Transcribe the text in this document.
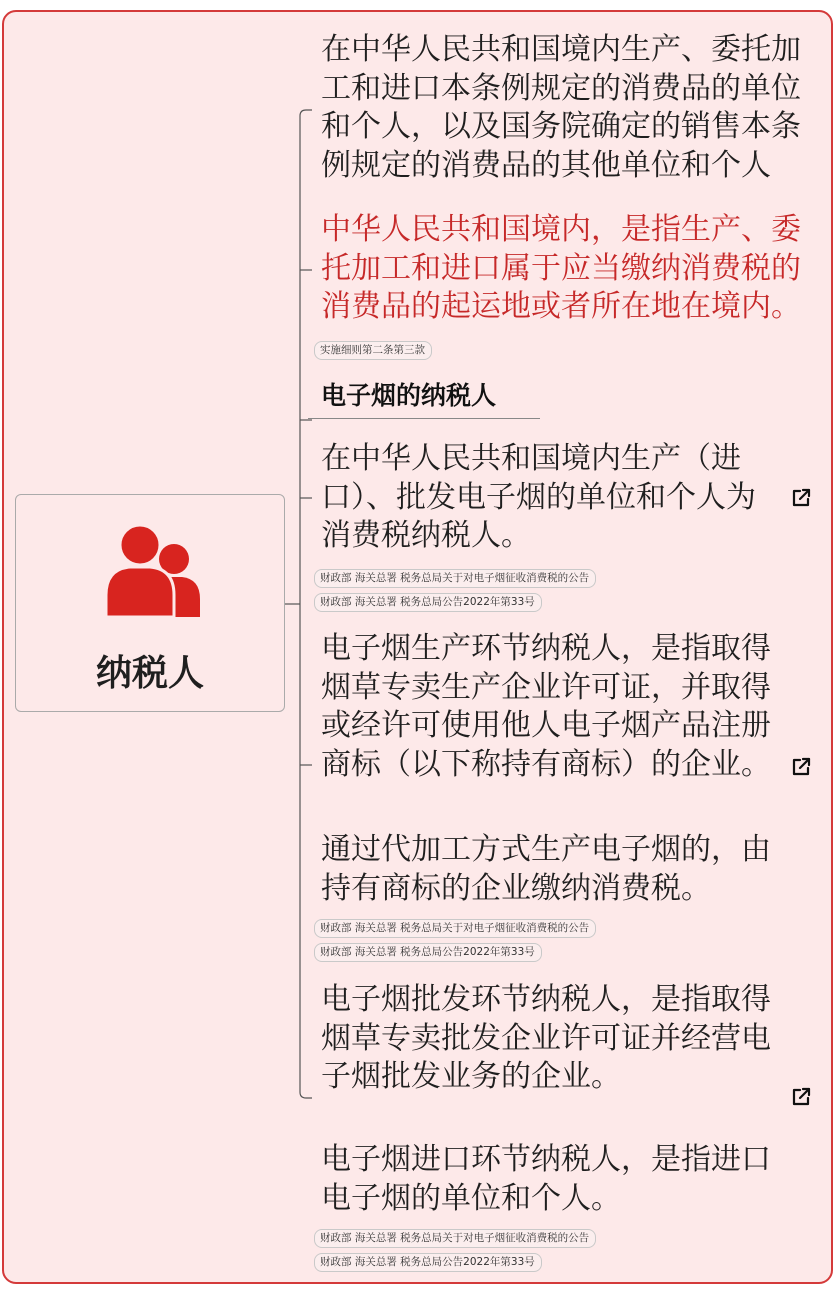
纳税人
在中华人民共和国境内生产、委托加
工和进口本条例规定的消费品的单位
和个人，以及国务院确定的销售本条
例规定的消费品的其他单位和个人
中华人民共和国境内，是指生产、委
托加工和进口属于应当缴纳消费税的
消费品的起运地或者所在地在境内。
实施细则第二条第三款
电子烟的纳税人
在中华人民共和国境内生产（进
口）、批发电子烟的单位和个人为
消费税纳税人。
财政部 海关总署 税务总局关于对电子烟征收消费税的公告
财政部 海关总署 税务总局公告2022年第33号
电子烟生产环节纳税人，是指取得
烟草专卖生产企业许可证，并取得
或经许可使用他人电子烟产品注册
商标（以下称持有商标）的企业。
通过代加工方式生产电子烟的，由
持有商标的企业缴纳消费税。
财政部 海关总署 税务总局关于对电子烟征收消费税的公告
财政部 海关总署 税务总局公告2022年第33号
电子烟批发环节纳税人，是指取得
烟草专卖批发企业许可证并经营电
子烟批发业务的企业。
电子烟进口环节纳税人，是指进口
电子烟的单位和个人。
财政部 海关总署 税务总局关于对电子烟征收消费税的公告
财政部 海关总署 税务总局公告2022年第33号
